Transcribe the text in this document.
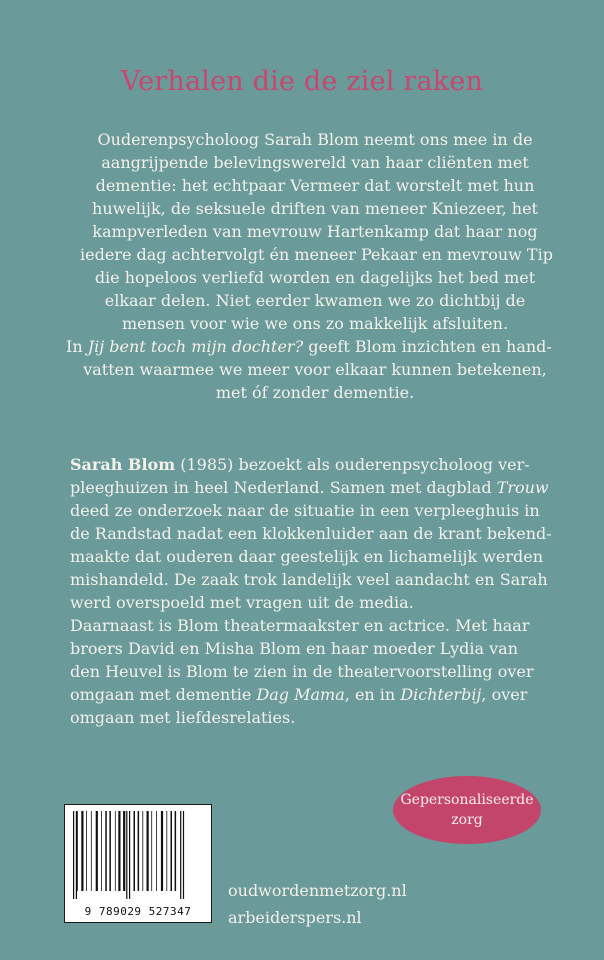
Verhalen die de ziel raken
Ouderenpsycholoog Sarah Blom neemt ons mee in de
aangrijpende belevingswereld van haar cliënten met
dementie: het echtpaar Vermeer dat worstelt met hun
huwelijk, de seksuele driften van meneer Kniezeer, het
kampverleden van mevrouw Hartenkamp dat haar nog
iedere dag achtervolgt én meneer Pekaar en mevrouw Tip
die hopeloos verliefd worden en dagelijks het bed met
elkaar delen. Niet eerder kwamen we zo dichtbij de
mensen voor wie we ons zo makkelijk afsluiten.
In Jij bent toch mijn dochter? geeft Blom inzichten en hand-
vatten waarmee we meer voor elkaar kunnen betekenen,
met óf zonder dementie.
Sarah Blom (1985) bezoekt als ouderenpsycholoog ver-
pleeghuizen in heel Nederland. Samen met dagblad Trouw
deed ze onderzoek naar de situatie in een verpleeghuis in
de Randstad nadat een klokkenluider aan de krant bekend-
maakte dat ouderen daar geestelijk en lichamelijk werden
mishandeld. De zaak trok landelijk veel aandacht en Sarah
werd overspoeld met vragen uit de media.
Daarnaast is Blom theatermaakster en actrice. Met haar
broers David en Misha Blom en haar moeder Lydia van
den Heuvel is Blom te zien in de theatervoorstelling over
omgaan met dementie Dag Mama, en in Dichterbij, over
omgaan met liefdesrelaties.
Gepersonaliseerde
zorg
9 789029 527347
oudwordenmetzorg.nl
arbeiderspers.nl
